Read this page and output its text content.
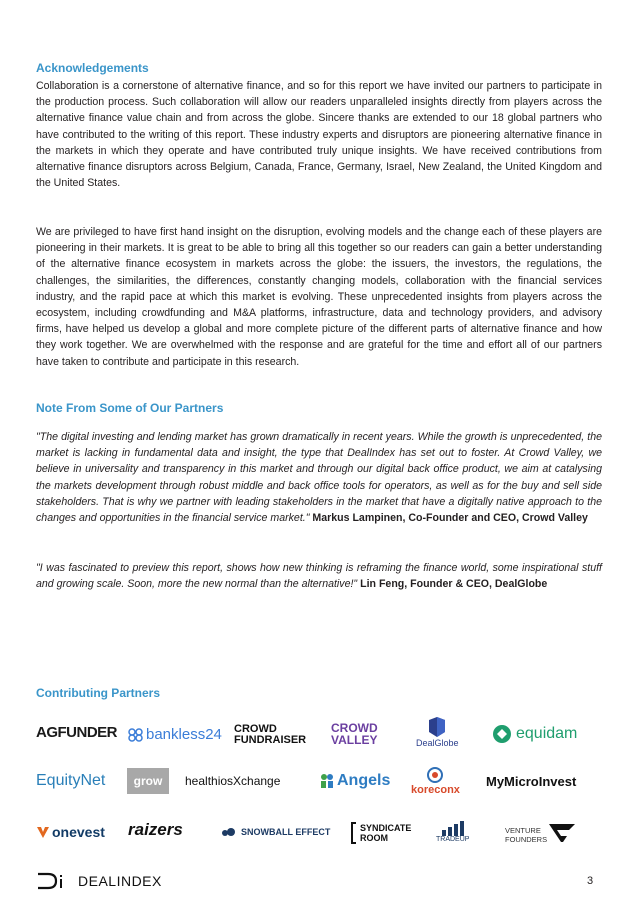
Acknowledgements

Collaboration is a cornerstone of alternative finance, and so for this report we have invited our partners to participate in the production process. Such collaboration will allow our readers unparalleled insights directly from players across the alternative finance value chain and from across the globe. Sincere thanks are extended to our 18 global partners who have contributed to the writing of this report. These industry experts and disruptors are pioneering alternative finance in the markets in which they operate and have contributed truly unique insights. We have received contributions from alternative finance disruptors across Belgium, Canada, France, Germany, Israel, New Zealand, the United Kingdom and the United States.

We are privileged to have first hand insight on the disruption, evolving models and the change each of these players are pioneering in their markets. It is great to be able to bring all this together so our readers can gain a better understanding of the alternative finance ecosystem in markets across the globe: the issuers, the investors, the regulations, the challenges, the similarities, the differences, constantly changing models, collaboration with the financial services industry, and the rapid pace at which this market is evolving. These unprecedented insights from players across the ecosystem, including crowdfunding and M&A platforms, infrastructure, data and technology providers, and advisory firms, have helped us develop a global and more complete picture of the different parts of alternative finance and how they work together. We are overwhelmed with the response and are grateful for the time and effort all of our partners have taken to contribute and participate in this research.

Note From Some of Our Partners

"The digital investing and lending market has grown dramatically in recent years. While the growth is unprecedented, the market is lacking in fundamental data and insight, the type that DealIndex has set out to foster. At Crowd Valley, we believe in universality and transparency in this market and through our digital back office product, we aim at catalysing the markets development through robust middle and back office tools for operators, as well as for the buy and sell side stakeholders. That is why we partner with leading stakeholders in the market that have a digitally native approach to the changes and opportunities in the financial service market." Markus Lampinen, Co-Founder and CEO, Crowd Valley

"I was fascinated to preview this report, shows how new thinking is reframing the finance world, some inspirational stuff and growing scale. Soon, more the new normal than the alternative!" Lin Feng, Founder & CEO, DealGlobe

Contributing Partners
AGFUNDER bankless24 CROWD
FUNDRAISER
CROWD
VALLEY	DealGlobe
equidam
EquityNet grow healthiosXchange	Angels
koreconx
MyMicro Invest
onevest raizers	SNOWBALL EFFECT	SYNDICATE
ROOM	TRADEUP
VENTURE
FOUNDERS
DEALINDEX	3
